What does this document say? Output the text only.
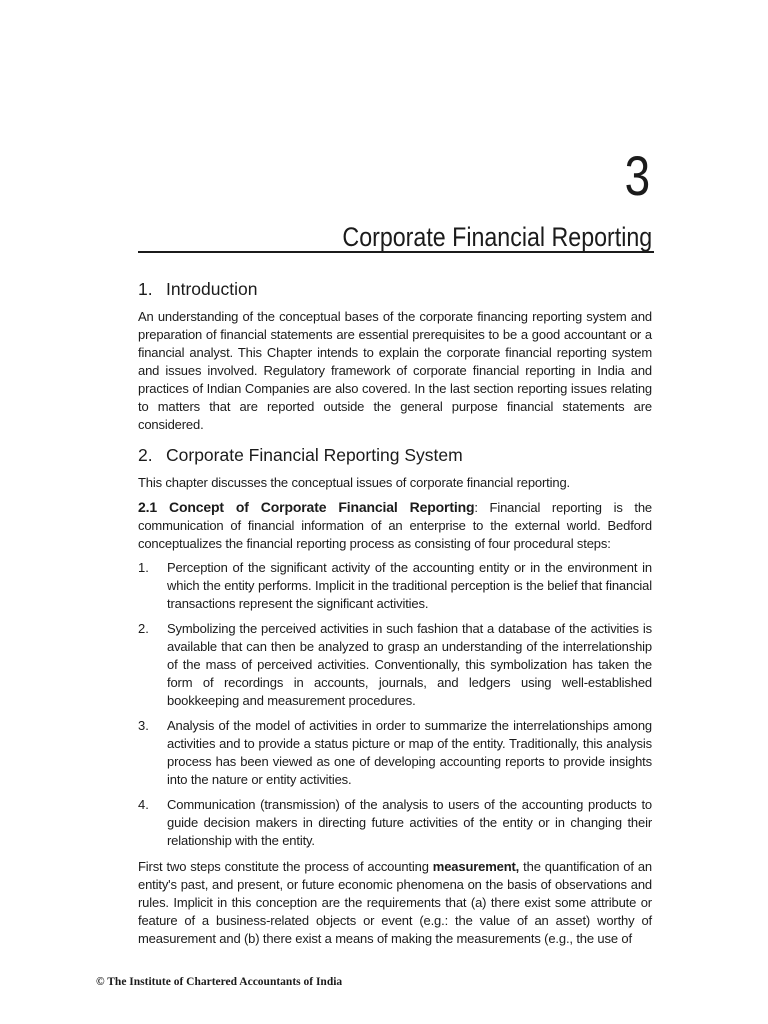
3
Corporate Financial Reporting
1. Introduction

An understanding of the conceptual bases of the corporate financing reporting system and preparation of financial statements are essential prerequisites to be a good accountant or a financial analyst. This Chapter intends to explain the corporate financial reporting system and issues involved. Regulatory framework of corporate financial reporting in India and practices of Indian Companies are also covered. In the last section reporting issues relating to matters that are reported outside the general purpose financial statements are considered.

2. Corporate Financial Reporting System

This chapter discusses the conceptual issues of corporate financial reporting.

2.1 Concept of Corporate Financial Reporting: Financial reporting is the communication of financial information of an enterprise to the external world. Bedford conceptualizes the financial reporting process as consisting of four procedural steps:

1.	Perception of the significant activity of the accounting entity or in the environment in which the entity performs. Implicit in the traditional perception is the belief that financial transactions represent the significant activities.
2.	Symbolizing the perceived activities in such fashion that a database of the activities is available that can then be analyzed to grasp an understanding of the interrelationship of the mass of perceived activities. Conventionally, this symbolization has taken the form of recordings in accounts, journals, and ledgers using well-established bookkeeping and measurement procedures.
3.	Analysis of the model of activities in order to summarize the interrelationships among activities and to provide a status picture or map of the entity. Traditionally, this analysis process has been viewed as one of developing accounting reports to provide insights into the nature or entity activities.
4.	Communication (transmission) of the analysis to users of the accounting products to guide decision makers in directing future activities of the entity or in changing their relationship with the entity.

First two steps constitute the process of accounting measurement, the quantification of an entity's past, and present, or future economic phenomena on the basis of observations and rules. Implicit in this conception are the requirements that (a) there exist some attribute or feature of a business-related objects or event (e.g.: the value of an asset) worthy of measurement and (b) there exist a means of making the measurements (e.g., the use of

© The Institute of Chartered Accountants of India
